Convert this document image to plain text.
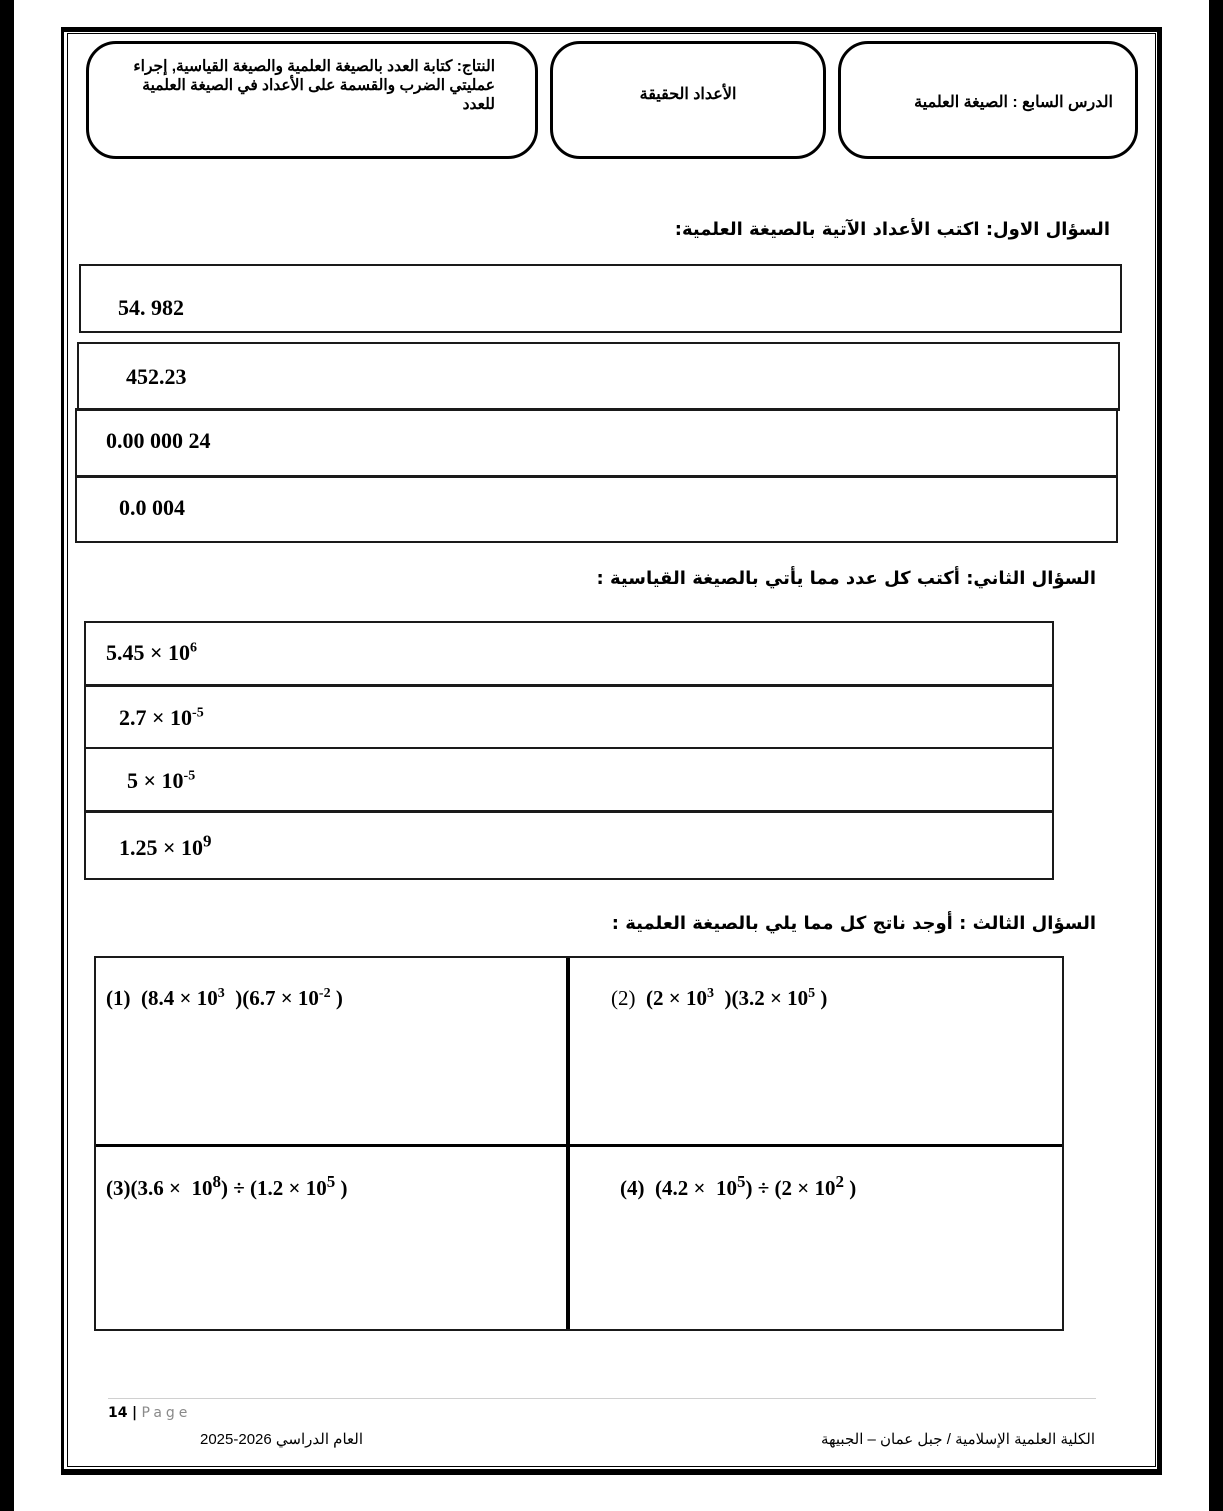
النتاج: كتابة العدد بالصيغة العلمية والصيغة القياسية, إجراء عمليتي الضرب والقسمة على الأعداد في الصيغة العلمية للعدد
الأعداد الحقيقة	الدرس السابع : الصيغة العلمية
السؤال الاول: اكتب الأعداد الآتية بالصيغة العلمية:
54. 982
452.23
0.00 000 24
0.0 004
السؤال الثاني: أكتب كل عدد مما يأتي بالصيغة القياسية :
$5.45 \times 10^6$
$2.7 \times 10^{-5}$
$5 \times 10^{-5}$
$1.25 \times 10^9$
السؤال الثالث : أوجد ناتج كل مما يلي بالصيغة العلمية :
(1) ($8.4 \times 10^3$  )($6.7 \times 10^{-2}$ )	(2) ($2 \times 10^3$  )($3.2 \times 10^5$ )
$(3)(3.6 \times 10^8) \div (1.2 \times 10^5$ )	(4) $(4.2 \times 10^5) \div (2 \times 10^2$ )
14 | Page
العام الدراسي 2026-2025	الكلية العلمية الإسلامية / جبل عمان – الجبيهة
